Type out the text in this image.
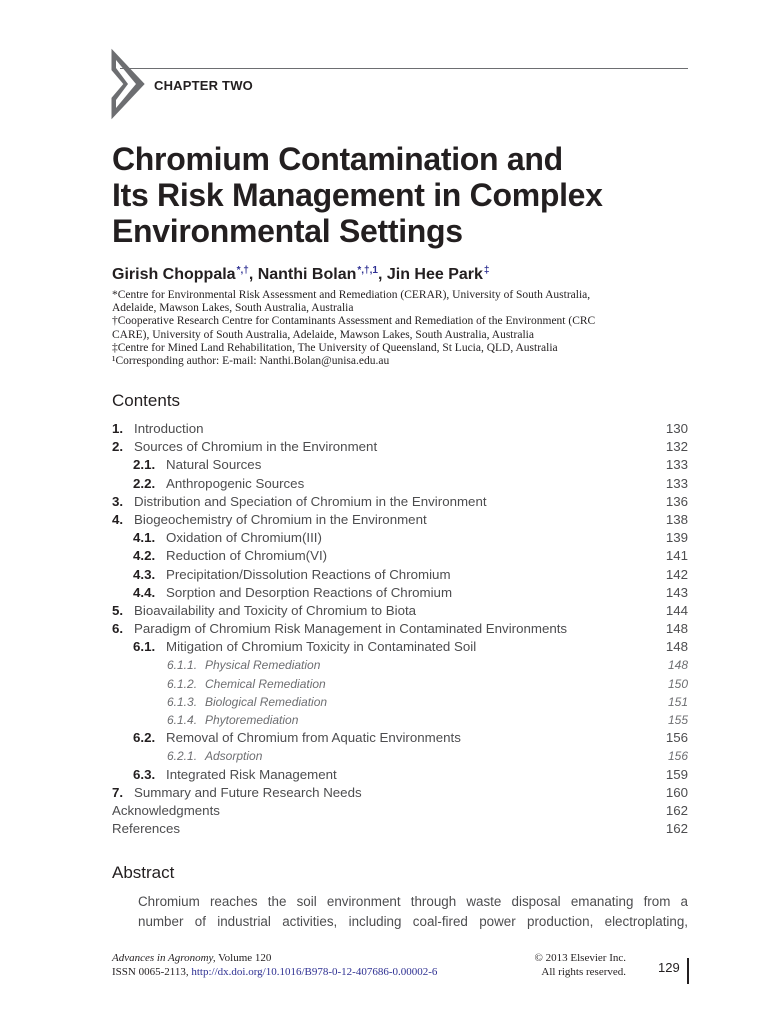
CHAPTER TWO
Chromium Contamination and
Its Risk Management in Complex
Environmental Settings
Girish Choppala*,†, Nanthi Bolan$^{*,\dagger,1}$, Jin Hee Park‡
*Centre for Environmental Risk Assessment and Remediation (CERAR), University of South Australia,
Adelaide, Mawson Lakes, South Australia, Australia
†Cooperative Research Centre for Contaminants Assessment and Remediation of the Environment (CRC
CARE), University of South Australia, Adelaide, Mawson Lakes, South Australia, Australia
‡Centre for Mined Land Rehabilitation, The University of Queensland, St Lucia, QLD, Australia
¹Corresponding author: E-mail: Nanthi.Bolan@unisa.edu.au
Contents
1. Introduction	130
2. Sources of Chromium in the Environment	132
2.1. Natural Sources	133
2.2. Anthropogenic Sources	133
3. Distribution and Speciation of Chromium in the Environment	136
4. Biogeochemistry of Chromium in the Environment	138
4.1. Oxidation of Chromium(III)	139
4.2. Reduction of Chromium(VI)	141
4.3. Precipitation/Dissolution Reactions of Chromium	142
4.4. Sorption and Desorption Reactions of Chromium	143
5. Bioavailability and Toxicity of Chromium to Biota	144
6. Paradigm of Chromium Risk Management in Contaminated Environments	148
6.1. Mitigation of Chromium Toxicity in Contaminated Soil	148
6.1.1. Physical Remediation	148
6.1.2. Chemical Remediation	150
6.1.3. Biological Remediation	151
6.1.4. Phytoremediation	155
6.2. Removal of Chromium from Aquatic Environments	156
6.2.1. Adsorption	156
6.3. Integrated Risk Management	159
7. Summary and Future Research Needs	160
Acknowledgments	162
References	162
Abstract
Chromium reaches the soil environment through waste disposal emanating from a
number of industrial activities, including coal-fired power production, electroplating,
Advances in Agronomy, Volume 120
ISSN 0065-2113, http://dx.doi.org/10.1016/B978-0-12-407686-0.00002-6
© 2013 Elsevier Inc.
All rights reserved. 129
